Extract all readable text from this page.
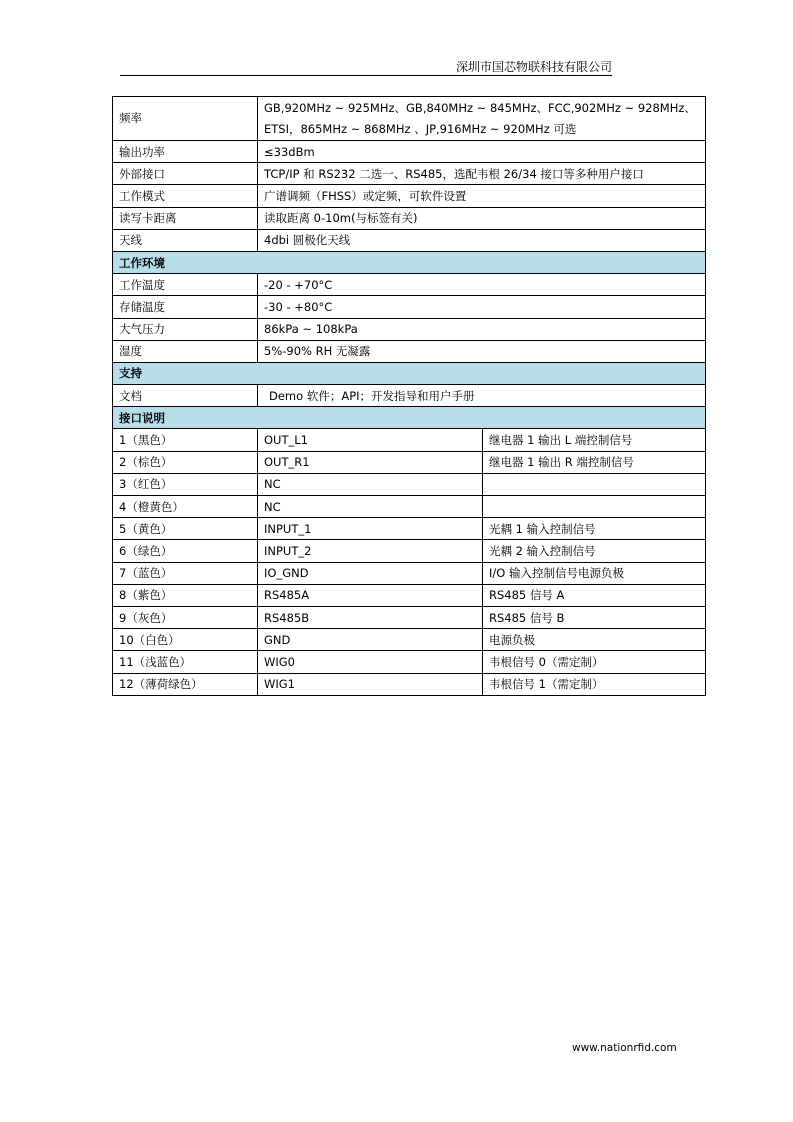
深圳市国芯物联科技有限公司
频率	GB,920MHz ~ 925MHz、GB,840MHz ~ 845MHz、FCC,902MHz ~ 928MHz、
ETSI，865MHz ~ 868MHz 、JP,916MHz ~ 920MHz 可选	
输出功率	≤33dBm	
外部接口	TCP/IP 和 RS232 二选一、RS485，选配韦根 26/34 接口等多种用户接口	
工作模式	广谱调频（FHSS）或定频，可软件设置	
读写卡距离	读取距离 0-10m(与标签有关)	
天线	4dbi 圆极化天线	
工作环境		
工作温度	-20 - +70°C	
存储温度	-30 - +80°C	
大气压力	86kPa ~ 108kPa	
湿度	5%-90% RH 无凝露	
支持		
文档	Demo 软件；API；开发指导和用户手册	
接口说明		
1（黑色）	OUT_L1	继电器 1 输出 L 端控制信号
2（棕色）	OUT_R1	继电器 1 输出 R 端控制信号
3（红色）	NC	
4（橙黄色）	NC	
5（黄色）	INPUT_1	光耦 1 输入控制信号
6（绿色）	INPUT_2	光耦 2 输入控制信号
7（蓝色）	IO_GND	I/O 输入控制信号电源负极
8（紫色）	RS485A	RS485 信号 A
9（灰色）	RS485B	RS485 信号 B
10（白色）	GND	电源负极
11（浅蓝色）	WIG0	韦根信号 0（需定制）
12（薄荷绿色）	WIG1	韦根信号 1（需定制）
www.nationrfid.com
